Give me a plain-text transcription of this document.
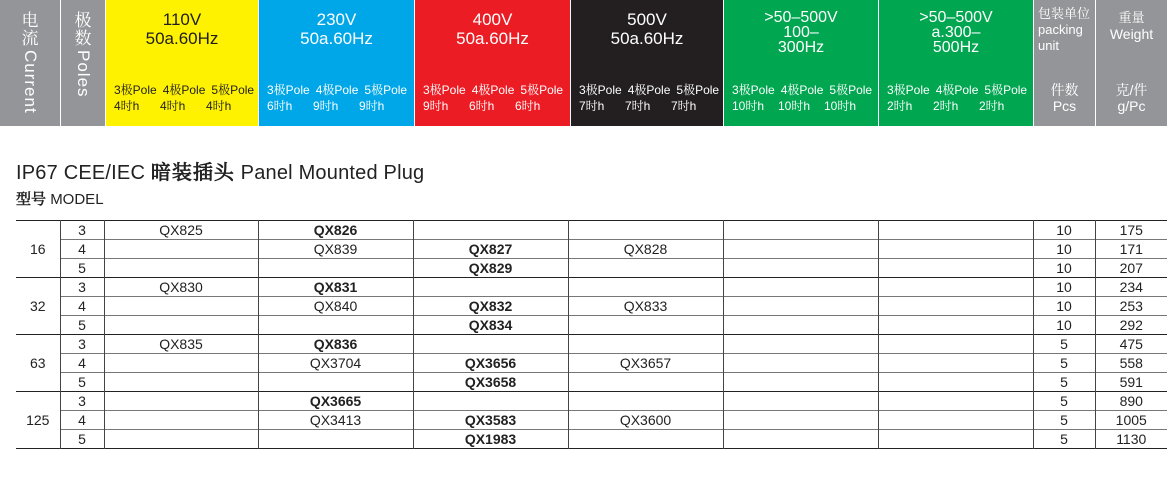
电
流
Current
极
数
Poles
110V
50a.60Hz
3极Pole 4极Pole 5极Pole
4时h	4时h	4时h
230V
50a.60Hz
3极Pole 4极Pole 5极Pole
6时h	9时h	9时h
400V
50a.60Hz
3极Pole 4极Pole 5极Pole
9时h	6时h	6时h
500V
50a.60Hz
3极Pole 4极Pole 5极Pole
7时h	7时h	7时h
>50–500V
100–
300Hz
3极Pole 4极Pole 5极Pole
10时h	10时h	10时h
>50–500V
a.300–
500Hz
3极Pole 4极Pole 5极Pole
2时h	2时h	2时h
包装单位
packing
unit
件数
Pcs
重量
Weight
克/件
g/Pc
IP67 CEE/IEC 暗装插头 Panel Mounted Plug
型号 MODEL
16	3	QX825	QX826					10	175
	4		QX839	QX827	QX828			10	171
	5			QX829				10	207
32	3	QX830	QX831					10	234
	4		QX840	QX832	QX833			10	253
	5			QX834				10	292
63	3	QX835	QX836					5	475
	4		QX3704	QX3656	QX3657			5	558
	5			QX3658				5	591
125	3		QX3665					5	890
	4		QX3413	QX3583	QX3600			5	1005
	5			QX1983				5	1130
